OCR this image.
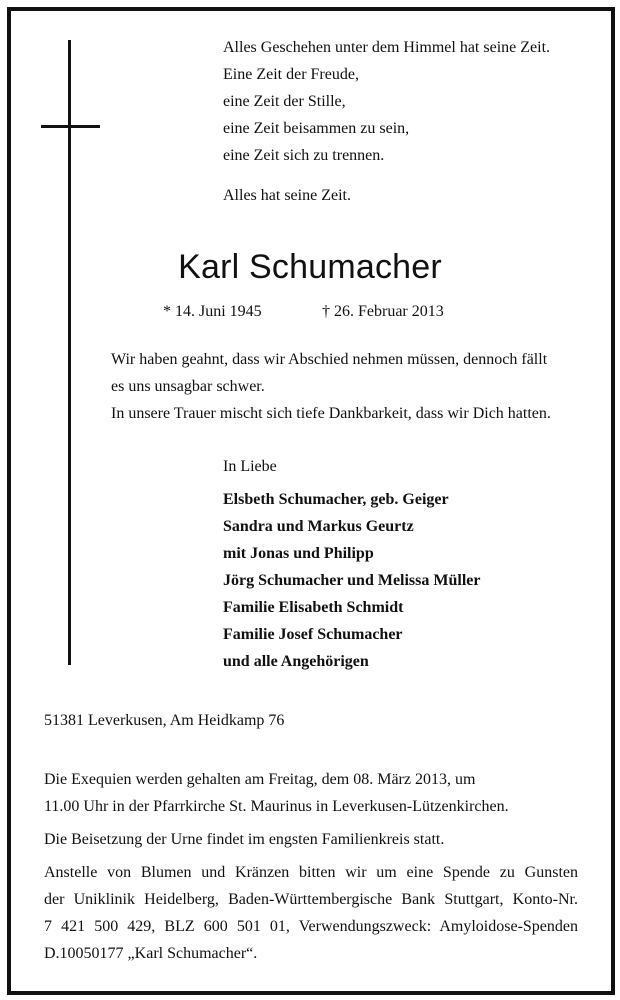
Alles Geschehen unter dem Himmel hat seine Zeit.
Eine Zeit der Freude,
eine Zeit der Stille,
eine Zeit beisammen zu sein,
eine Zeit sich zu trennen.
Alles hat seine Zeit.
Karl Schumacher
* 14. Juni 1945	† 26. Februar 2013
Wir haben geahnt, dass wir Abschied nehmen müssen, dennoch fällt
es uns unsagbar schwer.
In unsere Trauer mischt sich tiefe Dankbarkeit, dass wir Dich hatten.
In Liebe
Elsbeth Schumacher, geb. Geiger
Sandra und Markus Geurtz
mit Jonas und Philipp
Jörg Schumacher und Melissa Müller
Familie Elisabeth Schmidt
Familie Josef Schumacher
und alle Angehörigen
51381 Leverkusen, Am Heidkamp 76
Die Exequien werden gehalten am Freitag, dem 08. März 2013, um
11.00 Uhr in der Pfarrkirche St. Maurinus in Leverkusen-Lützenkirchen.
Die Beisetzung der Urne findet im engsten Familienkreis statt.
Anstelle von Blumen und Kränzen bitten wir um eine Spende zu Gunsten
der Uniklinik Heidelberg, Baden-Württembergische Bank Stuttgart, Konto-Nr.
7 421 500 429, BLZ 600 501 01, Verwendungszweck: Amyloidose-Spenden
D.10050177 „Karl Schumacher“.
